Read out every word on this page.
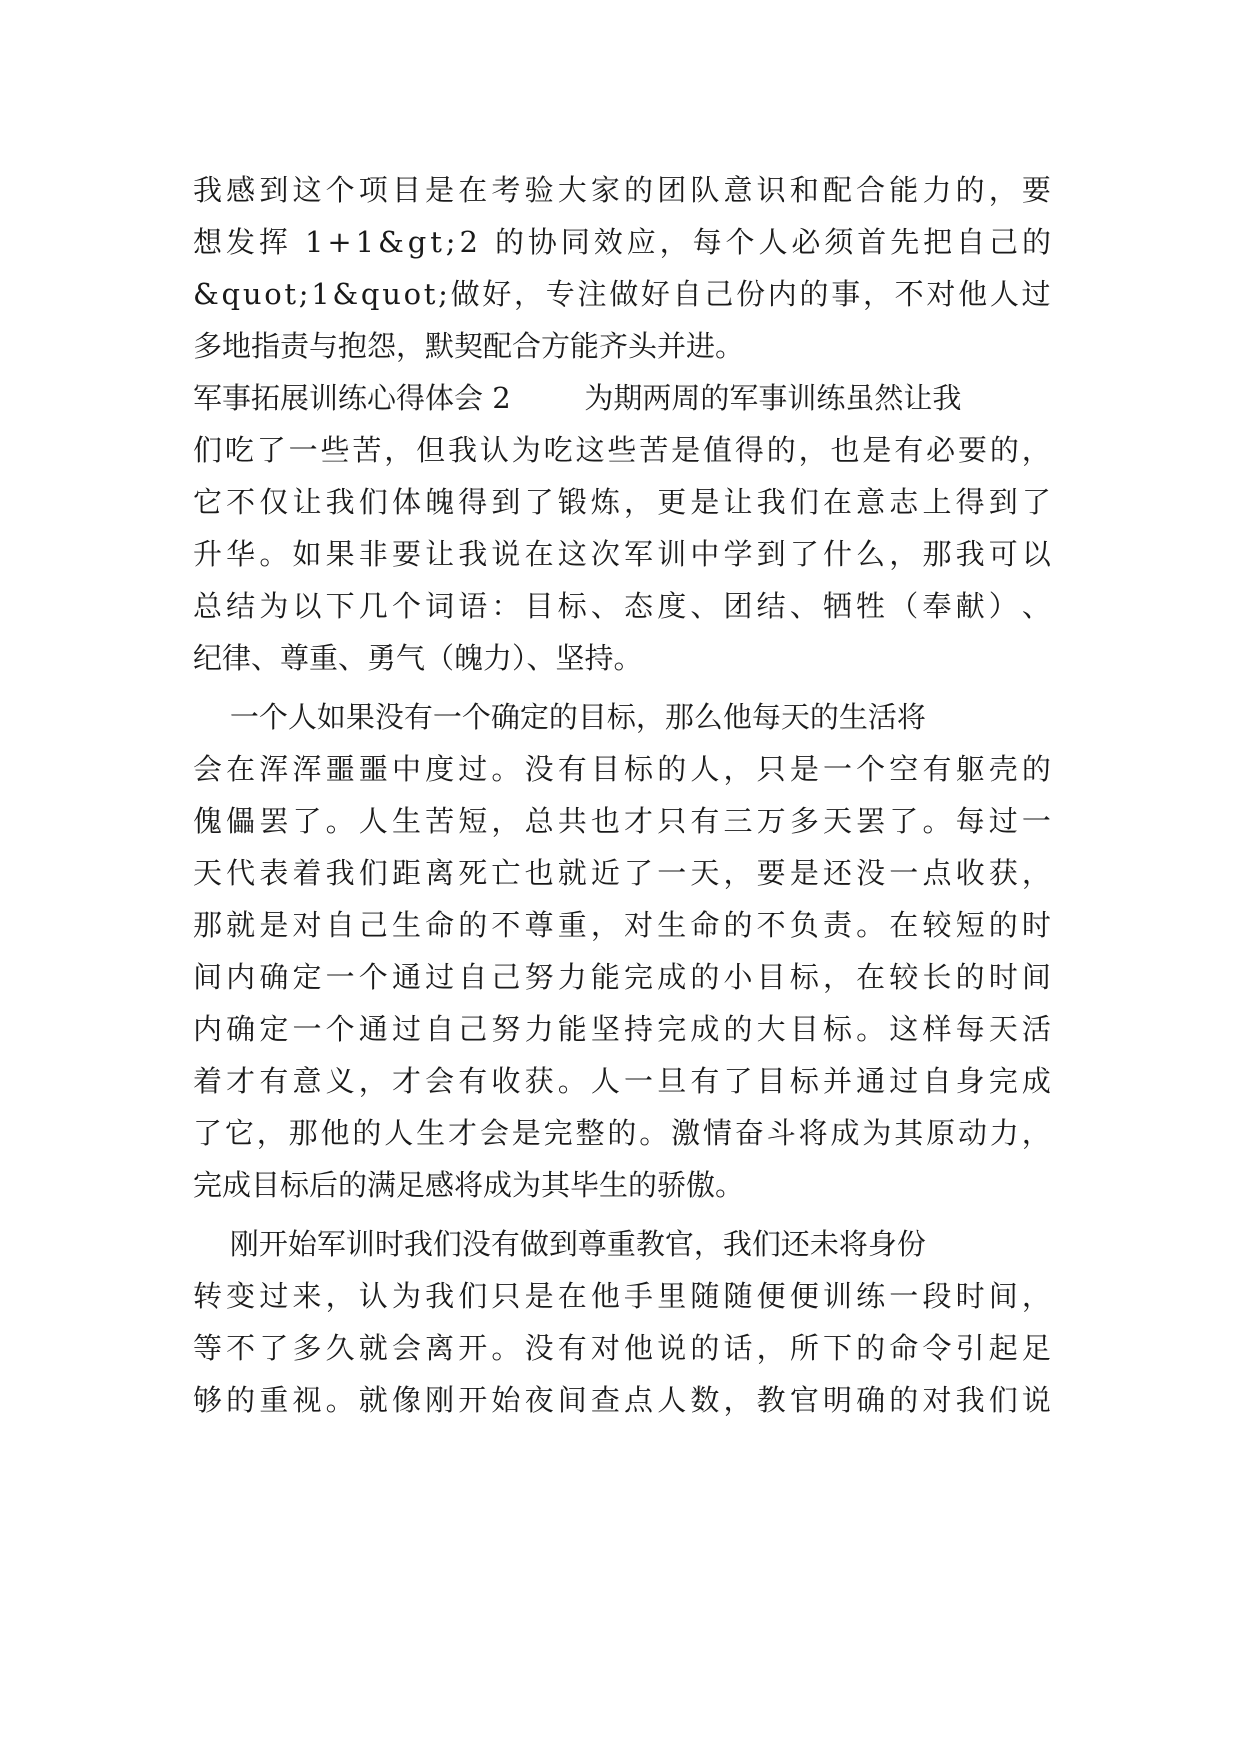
我 感 到 这 个 项 目 是 在 考 验 大 家 的 团 队 意 识 和 配 合 能 力 的 ， 要
想 发 挥
1 + 1 & g t ; 2
的 协 同 效 应 ， 每 个 人 必 须 首 先 把 自 己 的
& q u o t ; 1 & q u o t ; 做 好 ， 专 注 做 好 自 己 份 内 的 事 ， 不 对 他 人 过
多地指责与抱怨，默契配合方能齐头并进。
军事拓展训练心得体会 2        为期两周的军事训练虽然让我
们 吃 了 一 些 苦 ， 但 我 认 为 吃 这 些 苦 是 值 得 的 ， 也 是 有 必 要 的 ，
它 不 仅 让 我 们 体 魄 得 到 了 锻 炼 ， 更 是 让 我 们 在 意 志 上 得 到 了
升 华 。 如 果 非 要 让 我 说 在 这 次 军 训 中 学 到 了 什 么 ， 那 我 可 以
总 结 为 以 下 几 个 词 语 ： 目 标 、 态 度 、 团 结 、 牺 牲 （ 奉 献 ） 、
纪律、尊重、勇气（魄力）、坚持。
一个人如果没有一个确定的目标，那么他每天的生活将
会 在 浑 浑 噩 噩 中 度 过 。 没 有 目 标 的 人 ， 只 是 一 个 空 有 躯 壳 的
傀 儡 罢 了 。 人 生 苦 短 ， 总 共 也 才 只 有 三 万 多 天 罢 了 。 每 过 一
天 代 表 着 我 们 距 离 死 亡 也 就 近 了 一 天 ， 要 是 还 没 一 点 收 获 ，
那 就 是 对 自 己 生 命 的 不 尊 重 ， 对 生 命 的 不 负 责 。 在 较 短 的 时
间 内 确 定 一 个 通 过 自 己 努 力 能 完 成 的 小 目 标 ， 在 较 长 的 时 间
内 确 定 一 个 通 过 自 己 努 力 能 坚 持 完 成 的 大 目 标 。 这 样 每 天 活
着 才 有 意 义 ， 才 会 有 收 获 。 人 一 旦 有 了 目 标 并 通 过 自 身 完 成
了 它 ， 那 他 的 人 生 才 会 是 完 整 的 。 激 情 奋 斗 将 成 为 其 原 动 力 ，
完成目标后的满足感将成为其毕生的骄傲。
刚开始军训时我们没有做到尊重教官，我们还未将身份
转 变 过 来 ， 认 为 我 们 只 是 在 他 手 里 随 随 便 便 训 练 一 段 时 间 ，
等 不 了 多 久 就 会 离 开 。 没 有 对 他 说 的 话 ， 所 下 的 命 令 引 起 足
够 的 重 视 。 就 像 刚 开 始 夜 间 查 点 人 数 ， 教 官 明 确 的 对 我 们 说
